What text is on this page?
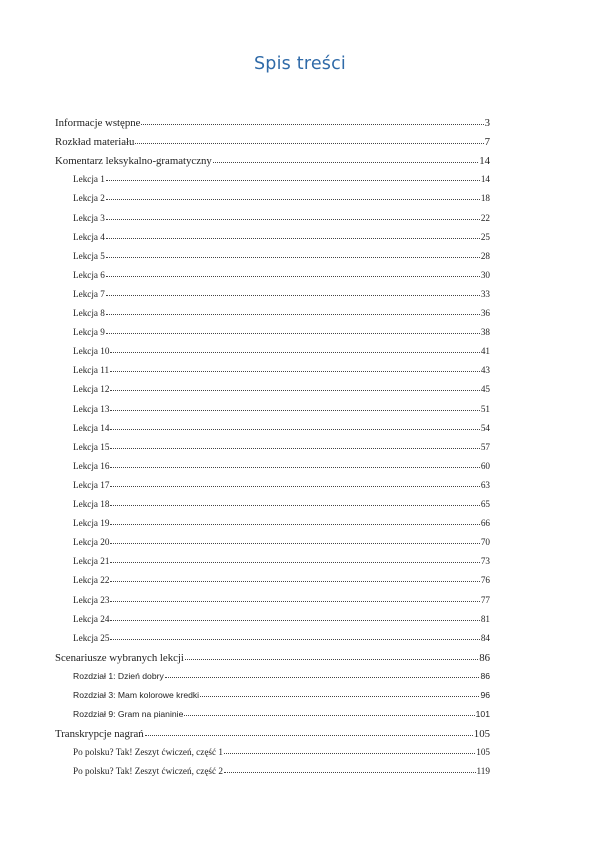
Spis treści
Informacje wstępne	3
Rozkład materiału	7
Komentarz leksykalno-gramatyczny	14
Lekcja 1	14
Lekcja 2	18
Lekcja 3	22
Lekcja 4	25
Lekcja 5	28
Lekcja 6	30
Lekcja 7	33
Lekcja 8	36
Lekcja 9	38
Lekcja 10	41
Lekcja 11	43
Lekcja 12	45
Lekcja 13	51
Lekcja 14	54
Lekcja 15	57
Lekcja 16	60
Lekcja 17	63
Lekcja 18	65
Lekcja 19	66
Lekcja 20	70
Lekcja 21	73
Lekcja 22	76
Lekcja 23	77
Lekcja 24	81
Lekcja 25	84
Scenariusze wybranych lekcji	86
Rozdział 1: Dzień dobry	86
Rozdział 3: Mam kolorowe kredki	96
Rozdział 9: Gram na pianinie	101
Transkrypcje nagrań	105
Po polsku? Tak! Zeszyt ćwiczeń, część 1	105
Po polsku? Tak! Zeszyt ćwiczeń, część 2	119
